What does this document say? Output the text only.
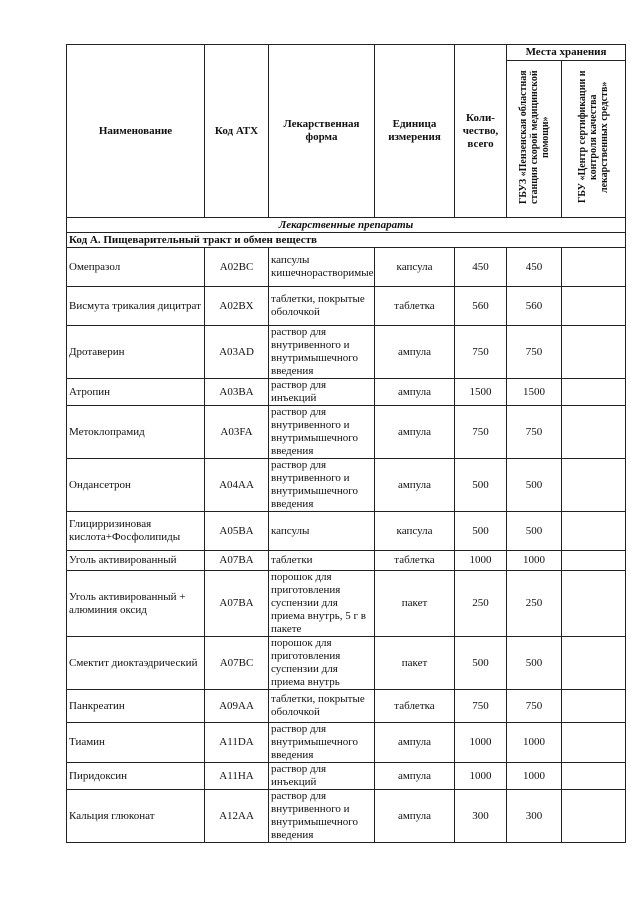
Наименование	Код АТХ	Лекарственная форма	Единица измерения	Коли-чество, всего	Места хранения	
					ГБУЗ «Пензенская областная станция скорой медицинской помощи»	ГБУ «Центр сертификации и контроля качества лекарственных средств»
Лекарственные препараты						
Код А. Пищеварительный тракт и обмен веществ						
Омепразол	A02BC	капсулы кишечнорастворимые	капсула	450	450	
Висмута трикалия дицитрат	A02BX	таблетки, покрытые оболочкой	таблетка	560	560	
Дротаверин	A03AD	раствор для внутривенного и внутримышечного введения	ампула	750	750	
Атропин	A03BA	раствор для инъекций	ампула	1500	1500	
Метоклопрамид	A03FA	раствор для внутривенного и внутримышечного введения	ампула	750	750	
Ондансетрон	A04AA	раствор для внутривенного и внутримышечного введения	ампула	500	500	
Глицирризиновая кислота+Фосфолипиды	A05BA	капсулы	капсула	500	500	
Уголь активированный	A07BA	таблетки	таблетка	1000	1000	
Уголь активированный + алюминия оксид	A07BA	порошок для приготовления суспензии для приема внутрь, 5 г в пакете	пакет	250	250	
Смектит диоктаэдрический	A07BC	порошок для приготовления суспензии для приема внутрь	пакет	500	500	
Панкреатин	A09AA	таблетки, покрытые оболочкой	таблетка	750	750	
Тиамин	A11DA	раствор для внутримышечного введения	ампула	1000	1000	
Пиридоксин	A11HA	раствор для инъекций	ампула	1000	1000	
Кальция глюконат	A12AA	раствор для внутривенного и внутримышечного введения	ампула	300	300	
